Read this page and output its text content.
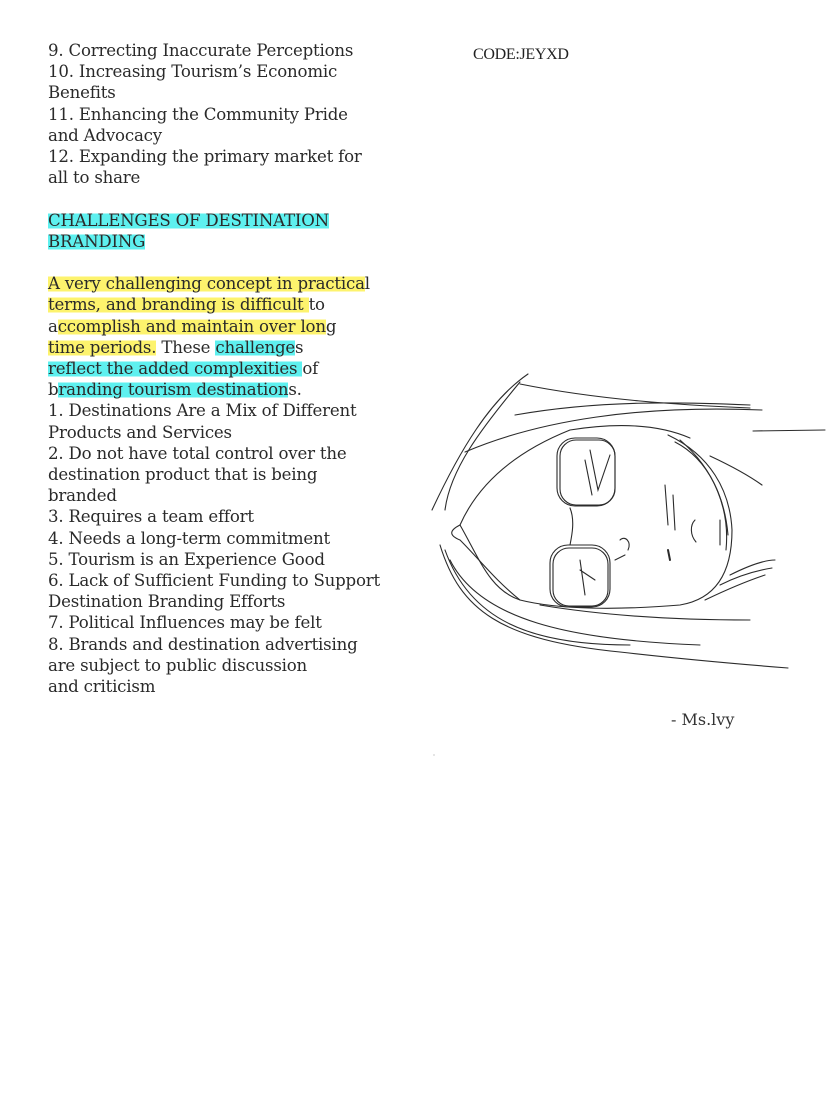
CODE:JEYXD
9. Correcting Inaccurate Perceptions
10. Increasing Tourism’s Economic
Benefits
11. Enhancing the Community Pride
and Advocacy
12. Expanding the primary market for
all to share
CHALLENGES OF DESTINATION
BRANDING
A very challenging concept in practical
terms, and branding is difficult to
accomplish and maintain over long
time periods. These challenges
reflect the added complexities of
branding tourism destinations.
1. Destinations Are a Mix of Different
Products and Services
2. Do not have total control over the
destination product that is being
branded
3. Requires a team effort
4. Needs a long-term commitment
5. Tourism is an Experience Good
6. Lack of Sufficient Funding to Support
Destination Branding Efforts
7. Political Influences may be felt
8. Brands and destination advertising
are subject to public discussion
and criticism
- Ms.lvy
